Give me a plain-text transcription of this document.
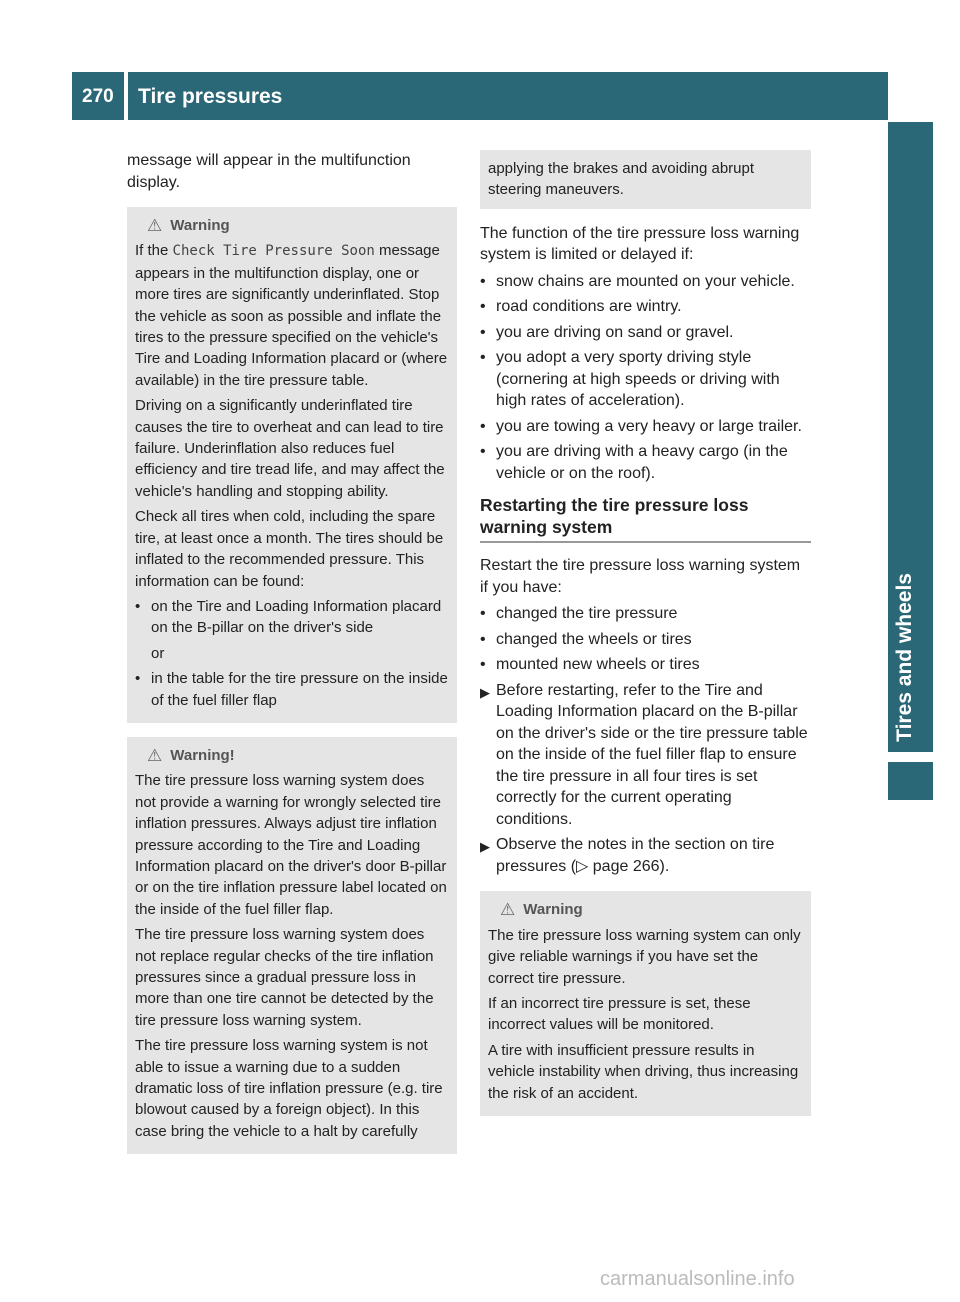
270 Tire pressures
Tires and wheels

message will appear in the multifunction display.

⚠ Warning

If the Check Tire Pressure Soon message appears in the multifunction display, one or more tires are significantly underinflated. Stop the vehicle as soon as possible and inflate the tires to the pressure specified on the vehicle's Tire and Loading Information placard or (where available) in the tire pressure table.

Driving on a significantly underinflated tire causes the tire to overheat and can lead to tire failure. Underinflation also reduces fuel efficiency and tire tread life, and may affect the vehicle's handling and stopping ability.

Check all tires when cold, including the spare tire, at least once a month. The tires should be inflated to the recommended pressure. This information can be found:

• on the Tire and Loading Information placard on the B-pillar on the driver's side
or
• in the table for the tire pressure on the inside of the fuel filler flap
⚠ Warning!

The tire pressure loss warning system does not provide a warning for wrongly selected tire inflation pressures. Always adjust tire inflation pressure according to the Tire and Loading Information placard on the driver's door B-pillar or on the tire inflation pressure label located on the inside of the fuel filler flap.

The tire pressure loss warning system does not replace regular checks of the tire inflation pressures since a gradual pressure loss in more than one tire cannot be detected by the tire pressure loss warning system.

The tire pressure loss warning system is not able to issue a warning due to a sudden dramatic loss of tire inflation pressure (e.g. tire blowout caused by a foreign object). In this case bring the vehicle to a halt by carefully

applying the brakes and avoiding abrupt steering maneuvers.

The function of the tire pressure loss warning system is limited or delayed if:

• snow chains are mounted on your vehicle.
• road conditions are wintry.
• you are driving on sand or gravel.
• you adopt a very sporty driving style (cornering at high speeds or driving with high rates of acceleration).
• you are towing a very heavy or large trailer.
• you are driving with a heavy cargo (in the vehicle or on the roof).
Restarting the tire pressure loss warning system

Restart the tire pressure loss warning system if you have:

• changed the tire pressure
• changed the wheels or tires
• mounted new wheels or tires
▶ Before restarting, refer to the Tire and Loading Information placard on the B-pillar on the driver's side or the tire pressure table on the inside of the fuel filler flap to ensure the tire pressure in all four tires is set correctly for the current operating conditions.
▶ Observe the notes in the section on tire pressures (▷ page 266).
⚠ Warning

The tire pressure loss warning system can only give reliable warnings if you have set the correct tire pressure.

If an incorrect tire pressure is set, these incorrect values will be monitored.

A tire with insufficient pressure results in vehicle instability when driving, thus increasing the risk of an accident.

carmanualsonline.info
